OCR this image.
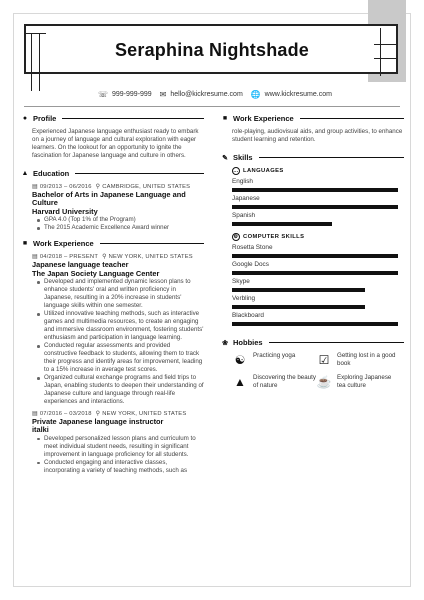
Seraphina Nightshade
☏ 999-999-999 ✉ hello@kickresume.com 🌐 www.kickresume.com
● Profile

Experienced Japanese language enthusiast ready to embark on a journey of language and cultural exploration with eager learners. On the lookout for an opportunity to ignite the fascination for Japanese language and culture in others.

▲ Education
▤ 09/2013 – 06/2016 ⚲ CAMBRIDGE, UNITED STATES
Bachelor of Arts in Japanese Language and Culture
Harvard University
GPA 4.0 (Top 1% of the Program)
The 2015 Academic Excellence Award winner
■ Work Experience
▤ 04/2018 – PRESENT ⚲ NEW YORK, UNITED STATES
Japanese language teacher
The Japan Society Language Center
Developed and implemented dynamic lesson plans to enhance students' oral and written proficiency in Japanese, resulting in a 20% increase in students' language skills within one semester.
Utilized innovative teaching methods, such as interactive games and multimedia resources, to create an engaging and immersive classroom environment, fostering students' enthusiasm and participation in language learning.
Conducted regular assessments and provided constructive feedback to students, allowing them to track their progress and identify areas for improvement, leading to a 15% increase in average test scores.
Organized cultural exchange programs and field trips to Japan, enabling students to deepen their understanding of Japanese culture and language through real-life experiences and interactions.
▤ 07/2016 – 03/2018 ⚲ NEW YORK, UNITED STATES
Private Japanese language instructor
italki
Developed personalized lesson plans and curriculum to meet individual student needs, resulting in significant improvement in language proficiency for all students.
Conducted engaging and interactive classes, incorporating a variety of teaching methods, such as
■ Work Experience

role-playing, audiovisual aids, and group activities, to enhance student learning and retention.

✎ Skills
… LANGUAGES
English
Japanese
Spanish
⚙ COMPUTER SKILLS
Rosetta Stone
Google Docs
Skype
Verbling
Blackboard
❀ Hobbies
☯	Practicing yoga ☑	Getting lost in a good book
▲	Discovering the beauty of nature	☕ Exploring Japanese tea culture
